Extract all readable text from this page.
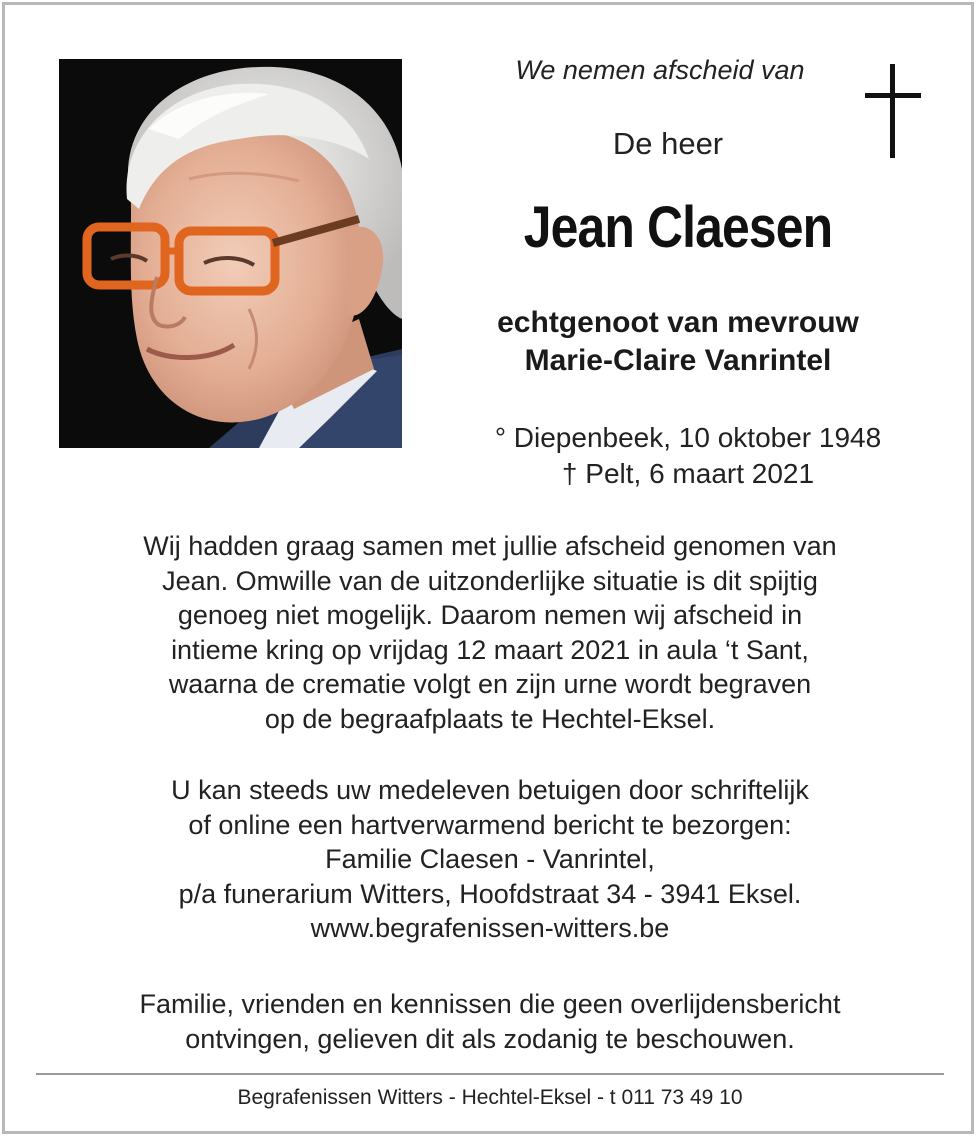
We nemen afscheid van
De heer
Jean Claesen
echtgenoot van mevrouw
Marie-Claire Vanrintel
° Diepenbeek, 10 oktober 1948
† Pelt, 6 maart 2021
Wij hadden graag samen met jullie afscheid genomen van
Jean. Omwille van de uitzonderlijke situatie is dit spijtig
genoeg niet mogelijk. Daarom nemen wij afscheid in
intieme kring op vrijdag 12 maart 2021 in aula ‘t Sant,
waarna de crematie volgt en zijn urne wordt begraven
op de begraafplaats te Hechtel-Eksel.
U kan steeds uw medeleven betuigen door schriftelijk
of online een hartverwarmend bericht te bezorgen:
Familie Claesen - Vanrintel,
p/a funerarium Witters, Hoofdstraat 34 - 3941 Eksel.
www.begrafenissen-witters.be
Familie, vrienden en kennissen die geen overlijdensbericht
ontvingen, gelieven dit als zodanig te beschouwen.
Begrafenissen Witters - Hechtel-Eksel - t 011 73 49 10
